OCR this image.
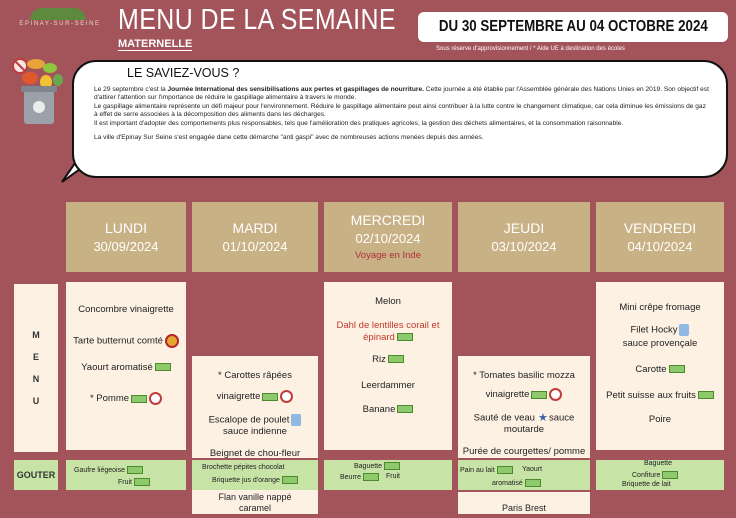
EPINAY-SUR-SEINE MENU DE LA SEMAINE
MATERNELLE
DU 30 SEPTEMBRE AU 04 OCTOBRE 2024
Sous réserve d'approvisionnement / * Aide UE à destination des écoles

Le 29 septembre c'est la Journée International des sensibilisations aux pertes et gaspillages de nourriture. Cette journée a été établie par l'Assemblée générale des Nations Unies en 2019. Son objectif est d'attirer l'attention sur l'importance de réduire le gaspillage alimentaire à travers le monde.

Le gaspillage alimentaire représente un défi majeur pour l'environnement. Réduire le gaspillage alimentaire peut ainsi contribuer à la lutte contre le changement climatique, car cela diminue les émissions de gaz à effet de serre associées à la décomposition des aliments dans les décharges.

Il est important d'adopter des comportements plus responsables, tels que l'amélioration des pratiques agricoles, la gestion des déchets alimentaires, et la consommation raisonnable.

La ville d'Epinay Sur Seine s'est engagée dane cette démarche "anti gaspi" avec de nombreuses actions menées depuis des années.

LE SAVIEZ-VOUS ?
LUNDI
30/09/2024
MARDI
01/10/2024
MERCREDI
02/10/2024
Voyage en Inde
JEUDI
03/10/2024
VENDREDI
04/10/2024
M
E
N
U
GOUTER
Concombre vinaigrette
Tarte butternut comté
Yaourt aromatisé
* Pomme
* Carottes râpées
vinaigrette
Escalope de poulet
sauce indienne
Beignet de chou-fleur
Melon
Dahl de lentilles corail et
épinard
Riz
Leerdammer
Banane
* Tomates basilic mozza
vinaigrette
Sauté de veau ★sauce
moutarde
Purée de courgettes/ pomme
Mini crêpe fromage
Filet Hocky
sauce provençale
Carotte
Petit suisse aux fruits
Poire
Gaufre liégeoise
Fruit
Brochette pépites chocolat
Briquette jus d'orange
Flan vanille nappé
caramel
Baguette
Beurre	Fruit
Pain au lait	Yaourt
aromatisé
Paris Brest
Baguette
Confiture
Briquette de lait
